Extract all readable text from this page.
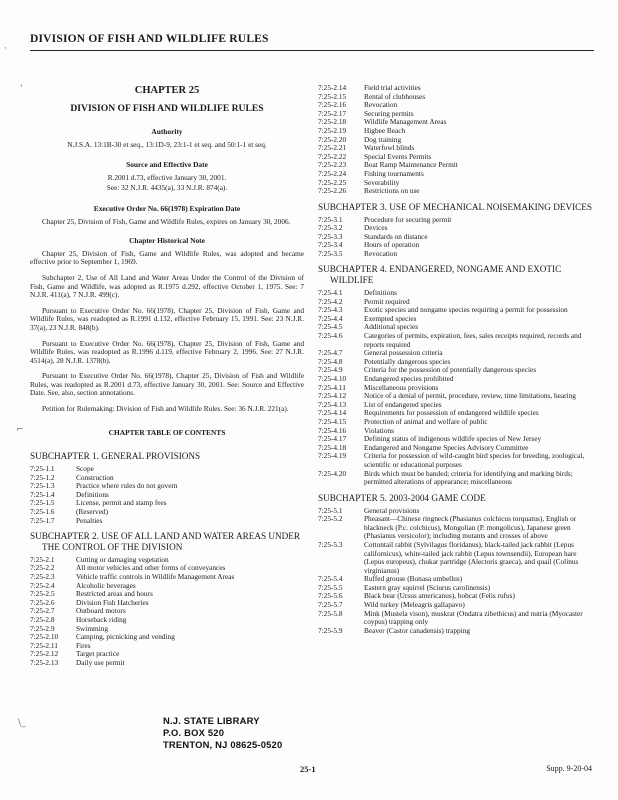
DIVISION OF FISH AND WILDLIFE RULES
·
‘
⌐
\_
CHAPTER 25
DIVISION OF FISH AND WILDLIFE RULES
Authority
N.J.S.A. 13:1B-30 et seq., 13:1D-9, 23:1-1 et seq. and 50:1-1 et seq.
Source and Effective Date
R.2001 d.73, effective January 30, 2001.
See: 32 N.J.R. 4435(a), 33 N.J.R. 874(a).
Executive Order No. 66(1978) Expiration Date
Chapter 25, Division of Fish, Game and Wildlife Rules, expires on January 30, 2006.
Chapter Historical Note
Chapter 25, Division of Fish, Game and Wildlife Rules, was adopted and became effective prior to September 1, 1969.
Subchapter 2, Use of All Land and Water Areas Under the Control of the Division of Fish, Game and Wildlife, was adopted as R.1975 d.292, effective October 1, 1975. See: 7 N.J.R. 411(a), 7 N.J.R. 499(c).
Pursuant to Executive Order No. 66(1978), Chapter 25, Division of Fish, Game and Wildlife Rules, was readopted as R.1991 d.132, effective February 15, 1991. See: 23 N.J.R. 37(a), 23 N.J.R. 848(b).
Pursuant to Executive Order No. 66(1978), Chapter 25, Division of Fish, Game and Wildlife Rules, was readopted as R.1996 d.119, effective February 2, 1996. See: 27 N.J.R. 4514(a), 28 N.J.R. 1378(b).
Pursuant to Executive Order No. 66(1978), Chapter 25, Division of Fish and Wildlife Rules, was readopted as R.2001 d.73, effective January 30, 2001. See: Source and Effective Date. See, also, section annotations.
Petition for Rulemaking: Division of Fish and Wildlife Rules. See: 36 N.J.R. 221(a).
CHAPTER TABLE OF CONTENTS
SUBCHAPTER 1. GENERAL PROVISIONS
7:25-1.1	Scope
7:25-1.2	Construction
7:25-1.3	Practice where rules do not govern
7:25-1.4	Definitions
7:25-1.5	License, permit and stamp fees
7:25-1.6	(Reserved)
7:25-1.7	Penalties
SUBCHAPTER 2. USE OF ALL LAND AND WATER AREAS UNDER THE CONTROL OF THE DIVISION
7:25-2.1	Cutting or damaging vegetation
7:25-2.2	All motor vehicles and other forms of conveyances
7:25-2.3	Vehicle traffic controls in Wildlife Management Areas
7:25-2.4	Alcoholic beverages
7:25-2.5	Restricted areas and hours
7:25-2.6	Division Fish Hatcheries
7:25-2.7	Outboard motors
7:25-2.8	Horseback riding
7:25-2.9	Swimming
7:25-2.10	Camping, picnicking and vending
7:25-2.11	Fires
7:25-2.12	Target practice
7:25-2.13	Daily use permit
7:25-2.14	Field trial activities
7:25-2.15	Rental of clubhouses
7:25-2.16	Revocation
7:25-2.17	Securing permits
7:25-2.18	Wildlife Management Areas
7:25-2.19	Higbee Beach
7:25-2.20	Dog training
7:25-2.21	Waterfowl blinds
7:25-2.22	Special Events Permits
7:25-2.23	Boat Ramp Maintenance Permit
7:25-2.24	Fishing tournaments
7:25-2.25	Severability
7:25-2.26	Restrictions on use
SUBCHAPTER 3. USE OF MECHANICAL NOISEMAKING DEVICES
7:25-3.1	Procedure for securing permit
7:25-3.2	Devices
7:25-3.3	Standards on distance
7:25-3.4	Hours of operation
7:25-3.5	Revocation
SUBCHAPTER 4. ENDANGERED, NONGAME AND EXOTIC WILDLIFE
7:25-4.1	Definitions
7:25-4.2	Permit required
7:25-4.3	Exotic species and nongame species requiring a permit for possession
7:25-4.4	Exempted species
7:25-4.5	Additional species
7:25-4.6	Categories of permits, expiration, fees, sales receipts required, records and reports required
7:25-4.7	General possession criteria
7:25-4.8	Potentially dangerous species
7:25-4.9	Criteria for the possession of potentially dangerous species
7:25-4.10	Endangered species prohibited
7:25-4.11	Miscellaneous provisions
7:25-4.12	Notice of a denial of permit, procedure, review, time limitations, hearing
7:25-4.13	List of endangered species
7:25-4.14	Requirements for possession of endangered wildlife species
7:25-4.15	Protection of animal and welfare of public
7:25-4.16	Violations
7:25-4.17	Defining status of indigenous wildlife species of New Jersey
7:25-4.18	Endangered and Nongame Species Advisory Committee
7:25-4.19	Criteria for possession of wild-caught bird species for breeding, zoological, scientific or educational purposes
7:25-4.20	Birds which must be banded; criteria for identifying and marking birds; permitted alterations of appearance; miscellaneous
SUBCHAPTER 5. 2003-2004 GAME CODE
7:25-5.1	General provisions
7:25-5.2	Pheasant—Chinese ringneck (Phasianus colchicus torquatus), English or blackneck (P.c. colchicus), Mongolian (P. mongolicus), Japanese green (Phasianus versicolor); including mutants and crosses of above
7:25-5.3	Cottontail rabbit (Sylvilagus floridanus), black-tailed jack rabbit (Lepus californicus), white-tailed jack rabbit (Lepus townsendii), European hare (Lepus europeus), chukar partridge (Alectoris graeca), and quail (Colinus virginianus)
7:25-5.4	Ruffed grouse (Bonasa umbellus)
7:25-5.5	Eastern gray squirrel (Sciurus carolinensis)
7:25-5.6	Black bear (Ursus americanus), bobcat (Felis rufus)
7:25-5.7	Wild turkey (Meleagris gallapavo)
7:25-5.8	Mink (Mustela vison), muskrat (Ondatra zibethicus) and nutria (Myocaster coypus) trapping only
7:25-5.9	Beaver (Castor canadensis) trapping
N.J. STATE LIBRARY
P.O. BOX 520
TRENTON, NJ 08625-0520
25-1	Supp. 9-20-04
